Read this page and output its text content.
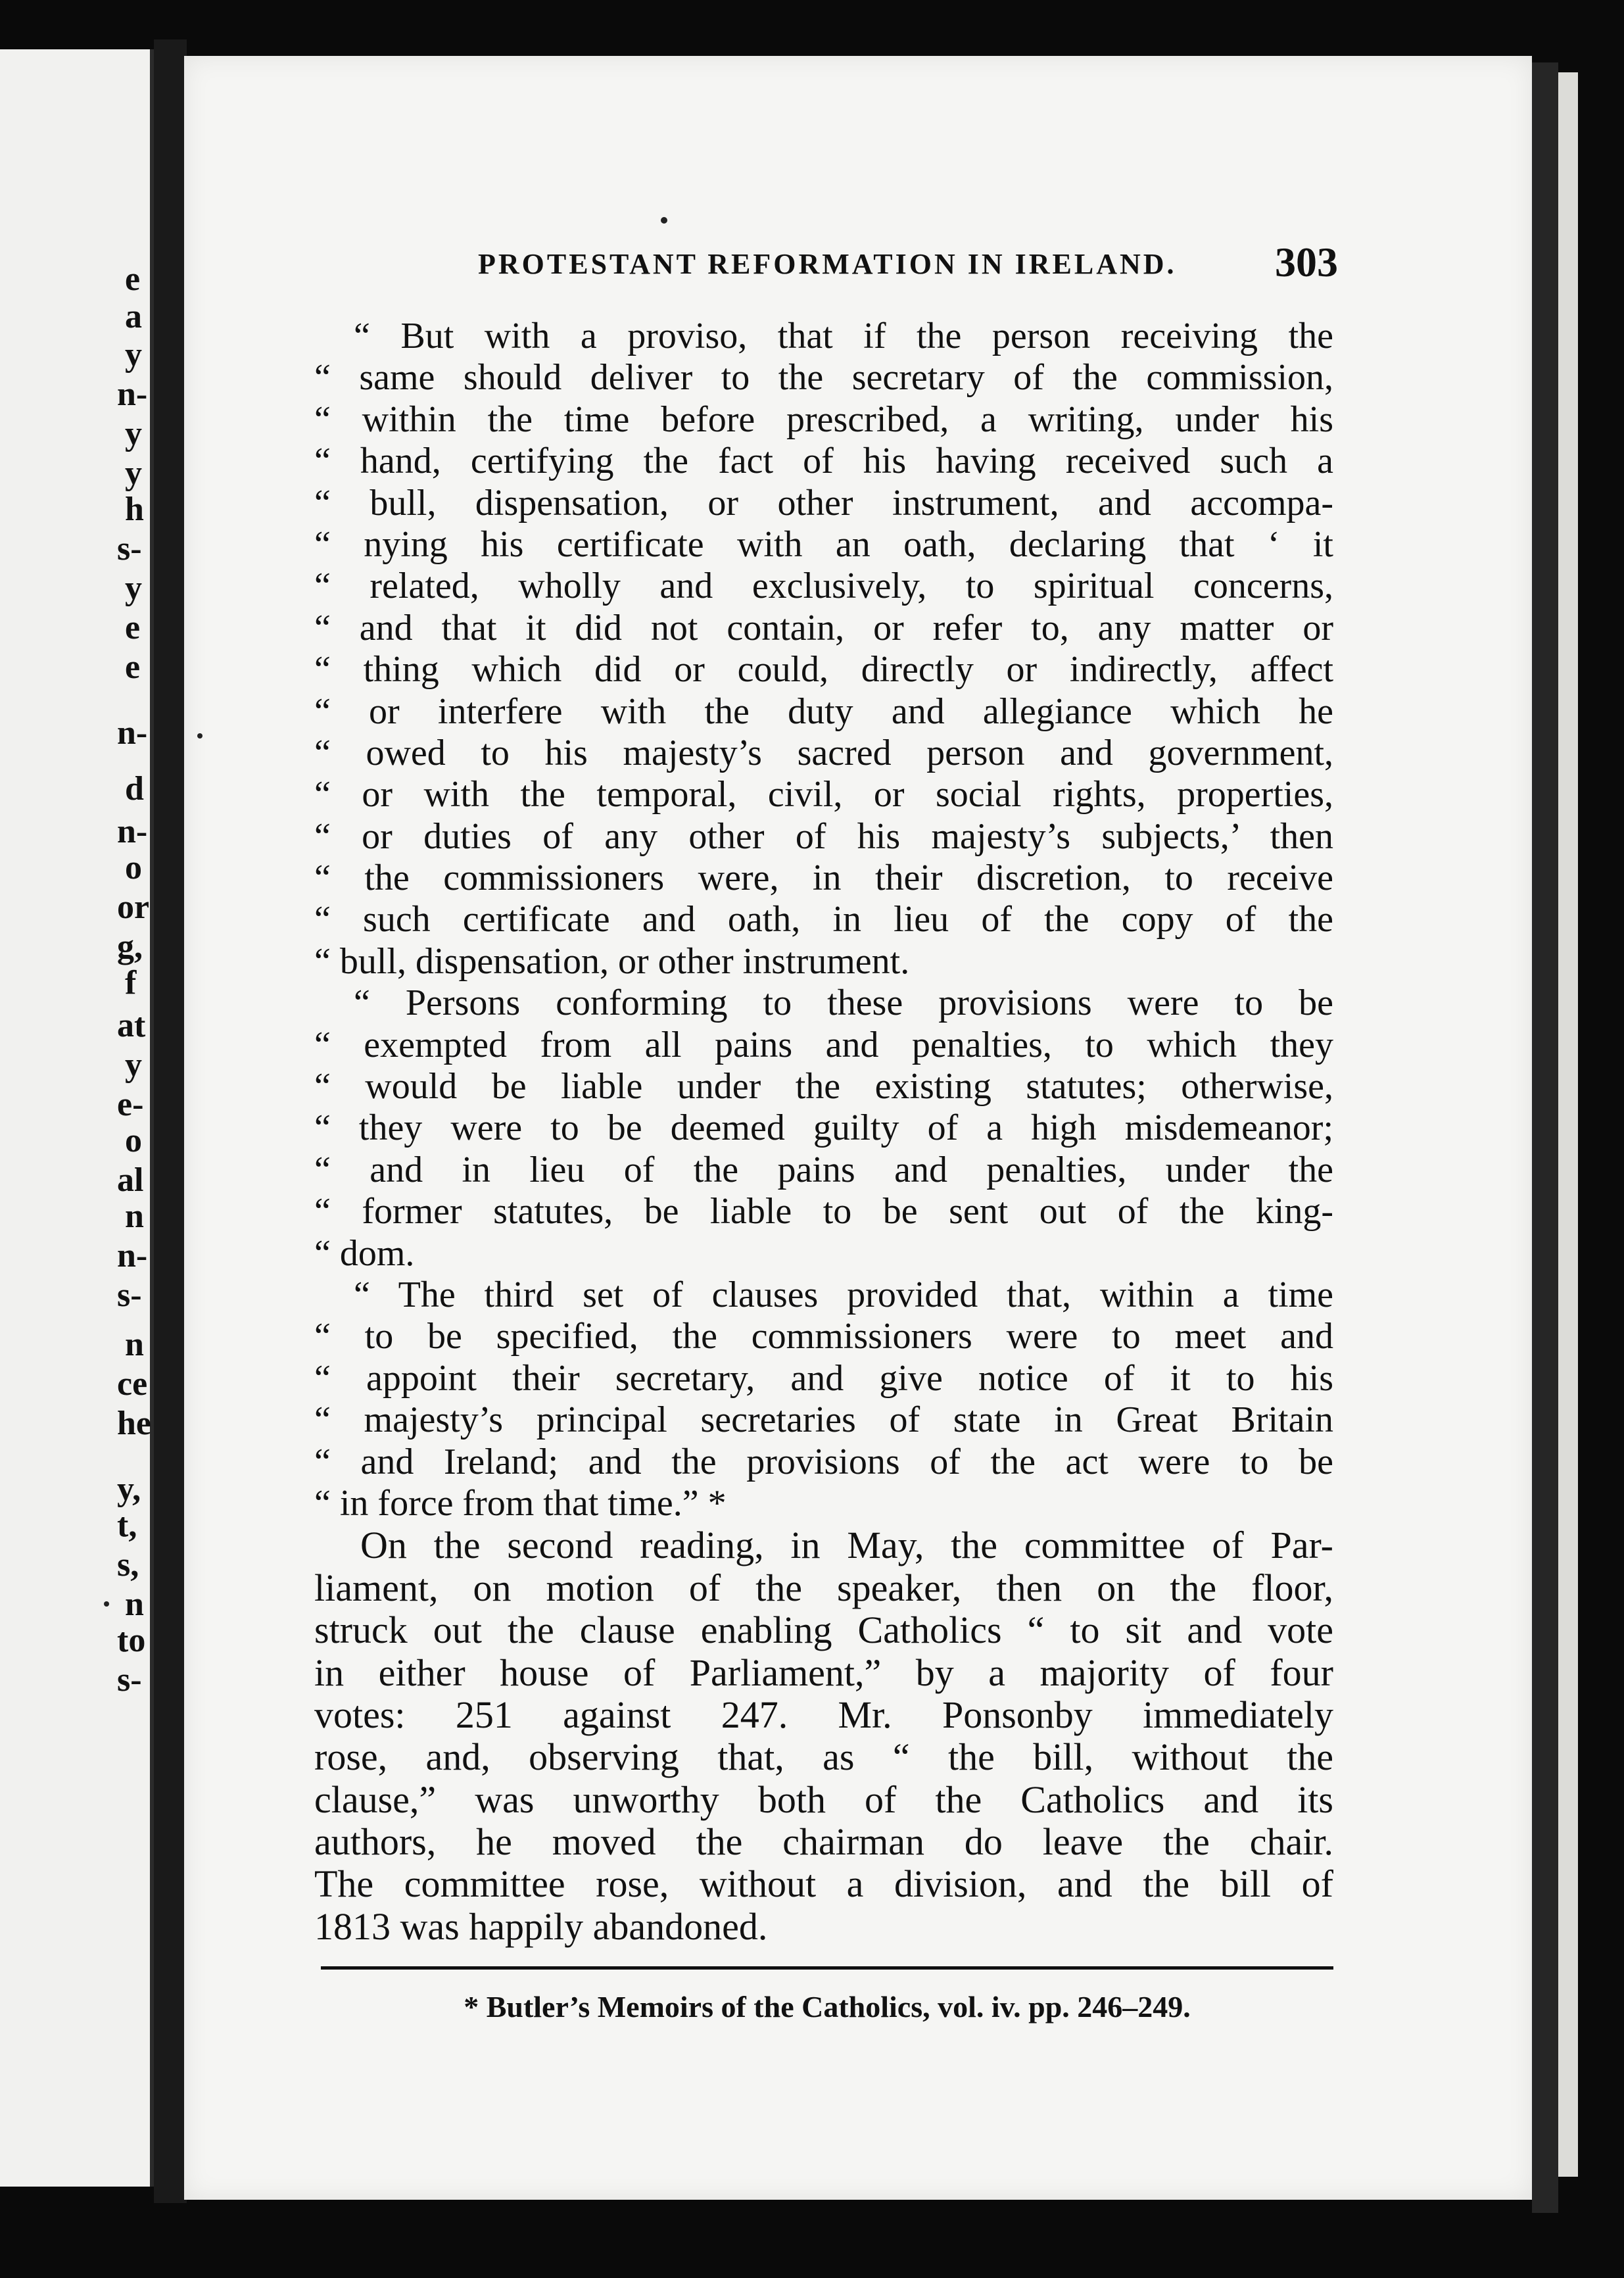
e
a
y
n-
y
y
h
s-
y
e
e
n-
d
n-
o
or
g,
f
at
y
e-
o
al
n
n-
s-
n
ce
he
y,
t,
s,
n
to
s-
PROTESTANT REFORMATION IN IRELAND. 303
“ But with a proviso, that if the person receiving the
“ same should deliver to the secretary of the commission,
“ within the time before prescribed, a writing, under his
“ hand, certifying the fact of his having received such a
“ bull, dispensation, or other instrument, and accompa-
“ nying his certificate with an oath, declaring that ‘ it
“ related, wholly and exclusively, to spiritual concerns,
“ and that it did not contain, or refer to, any matter or
“ thing which did or could, directly or indirectly, affect
“ or interfere with the duty and allegiance which he
“ owed to his majesty’s sacred person and government,
“ or with the temporal, civil, or social rights, properties,
“ or duties of any other of his majesty’s subjects,’ then
“ the commissioners were, in their discretion, to receive
“ such certificate and oath, in lieu of the copy of the
“ bull, dispensation, or other instrument.
“ Persons conforming to these provisions were to be
“ exempted from all pains and penalties, to which they
“ would be liable under the existing statutes; otherwise,
“ they were to be deemed guilty of a high misdemeanor;
“ and in lieu of the pains and penalties, under the
“ former statutes, be liable to be sent out of the king-
“ dom.
“ The third set of clauses provided that, within a time
“ to be specified, the commissioners were to meet and
“ appoint their secretary, and give notice of it to his
“ majesty’s principal secretaries of state in Great Britain
“ and Ireland; and the provisions of the act were to be
“ in force from that time.” *
On the second reading, in May, the committee of Par-
liament, on motion of the speaker, then on the floor,
struck out the clause enabling Catholics “ to sit and vote
in either house of Parliament,” by a majority of four
votes: 251 against 247. Mr. Ponsonby immediately
rose, and, observing that, as “ the bill, without the
clause,” was unworthy both of the Catholics and its
authors, he moved the chairman do leave the chair.
The committee rose, without a division, and the bill of
1813 was happily abandoned.
* Butler’s Memoirs of the Catholics, vol. iv. pp. 246–249.
